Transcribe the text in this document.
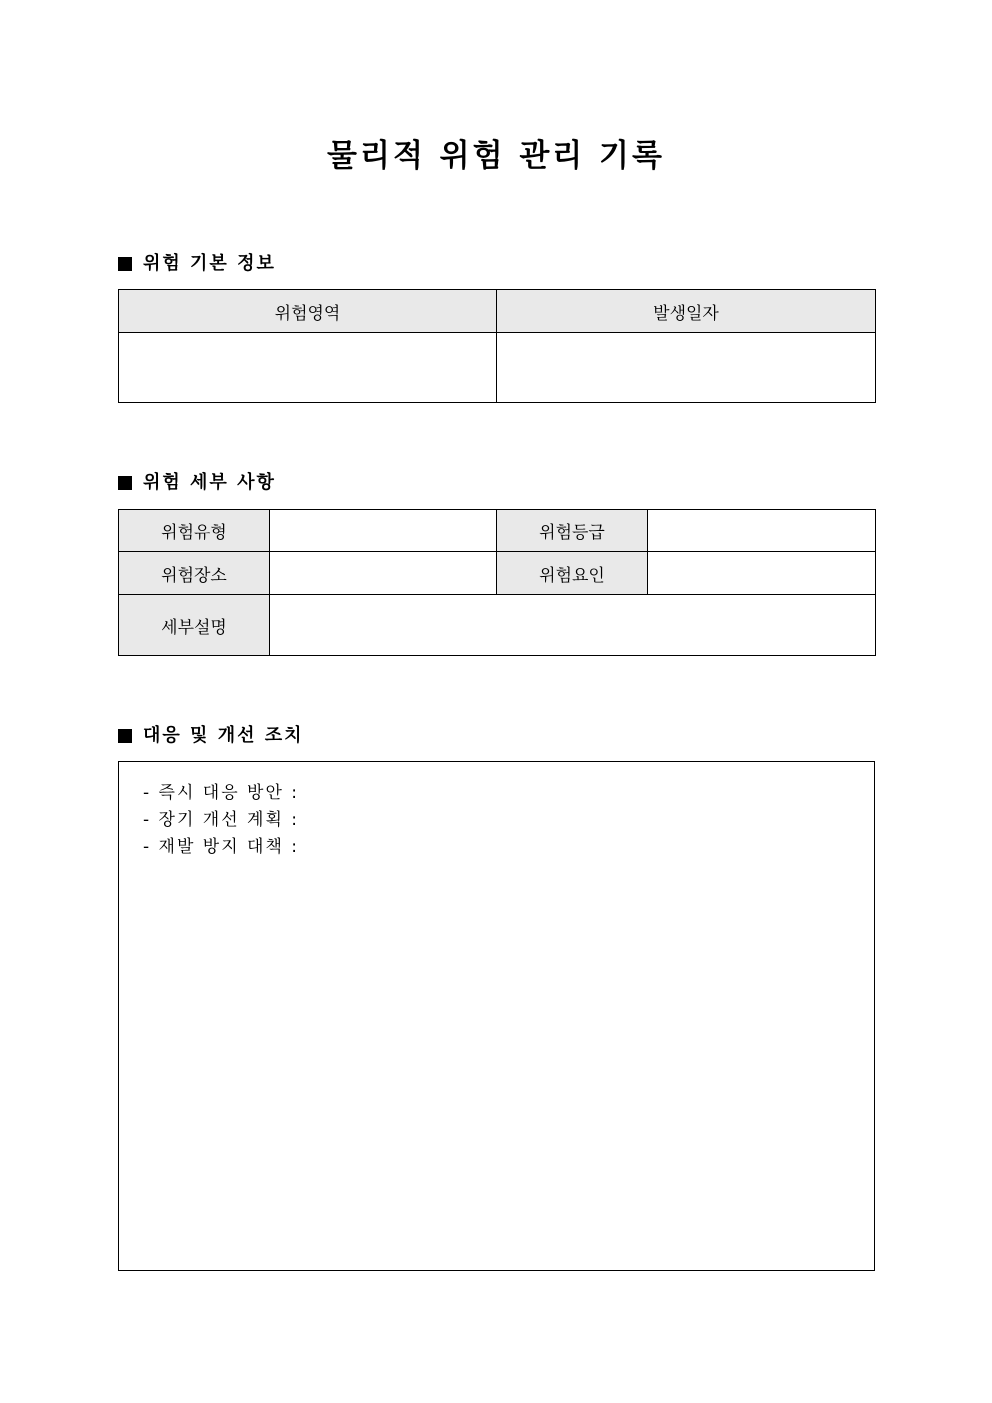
물리적 위험 관리 기록
위험 기본 정보
위험영역	발생일자

위험 세부 사항
위험유형		위험등급	
위험장소		위험요인	
세부설명			
대응 및 개선 조치
- 즉시 대응 방안 :
- 장기 개선 계획 :
- 재발 방지 대책 :
